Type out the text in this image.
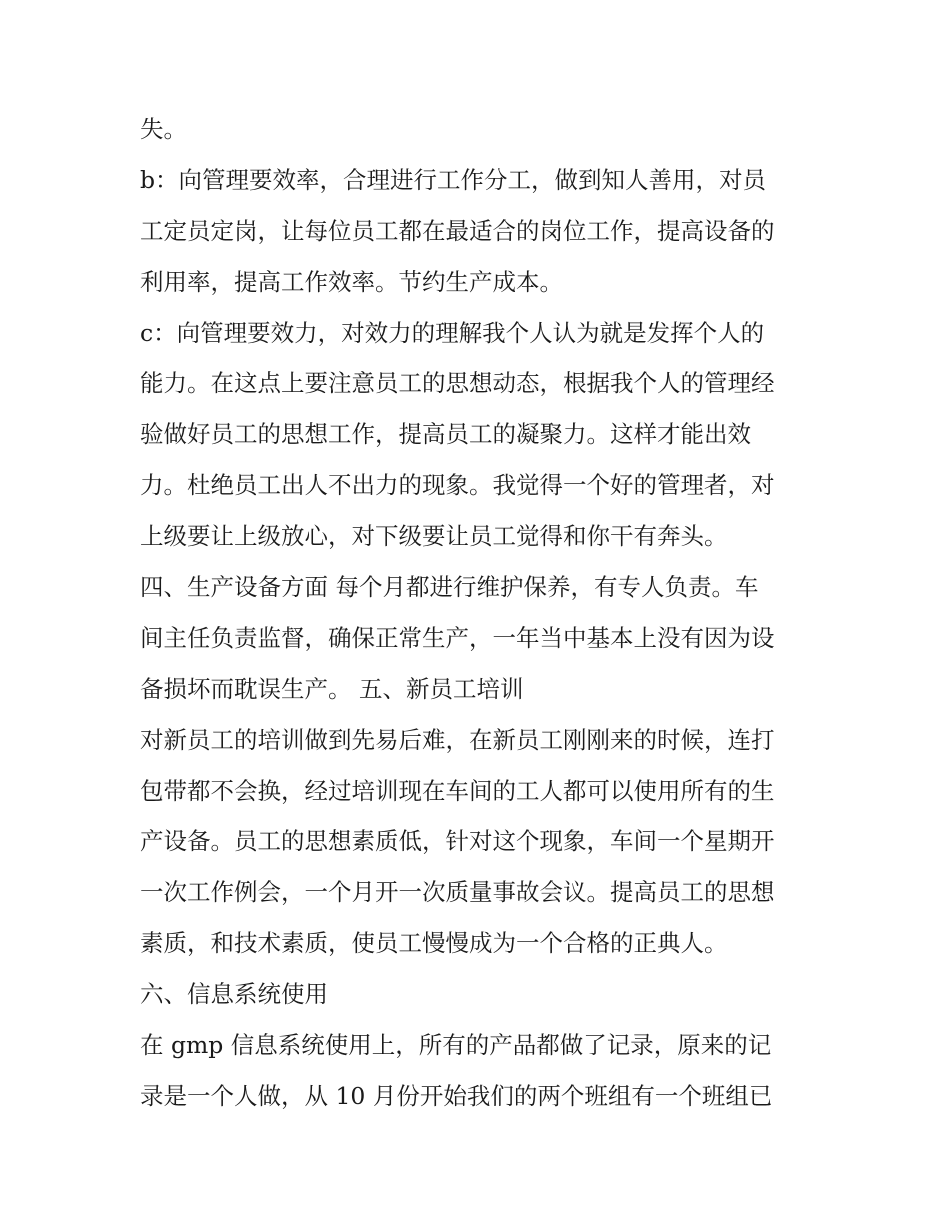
失。
b：向管理要效率，合理进行工作分工，做到知人善用，对员
工定员定岗，让每位员工都在最适合的岗位工作，提高设备的
利用率，提高工作效率。节约生产成本。
c：向管理要效力，对效力的理解我个人认为就是发挥个人的
能力。在这点上要注意员工的思想动态，根据我个人的管理经
验做好员工的思想工作，提高员工的凝聚力。这样才能出效
力。杜绝员工出人不出力的现象。我觉得一个好的管理者，对
上级要让上级放心，对下级要让员工觉得和你干有奔头。
四、生产设备方面 每个月都进行维护保养，有专人负责。车
间主任负责监督，确保正常生产，一年当中基本上没有因为设
备损坏而耽误生产。 五、新员工培训
对新员工的培训做到先易后难，在新员工刚刚来的时候，连打
包带都不会换，经过培训现在车间的工人都可以使用所有的生
产设备。员工的思想素质低，针对这个现象，车间一个星期开
一次工作例会，一个月开一次质量事故会议。提高员工的思想
素质，和技术素质，使员工慢慢成为一个合格的正典人。
六、信息系统使用
在 gmp 信息系统使用上，所有的产品都做了记录，原来的记
录是一个人做，从 10 月份开始我们的两个班组有一个班组已
